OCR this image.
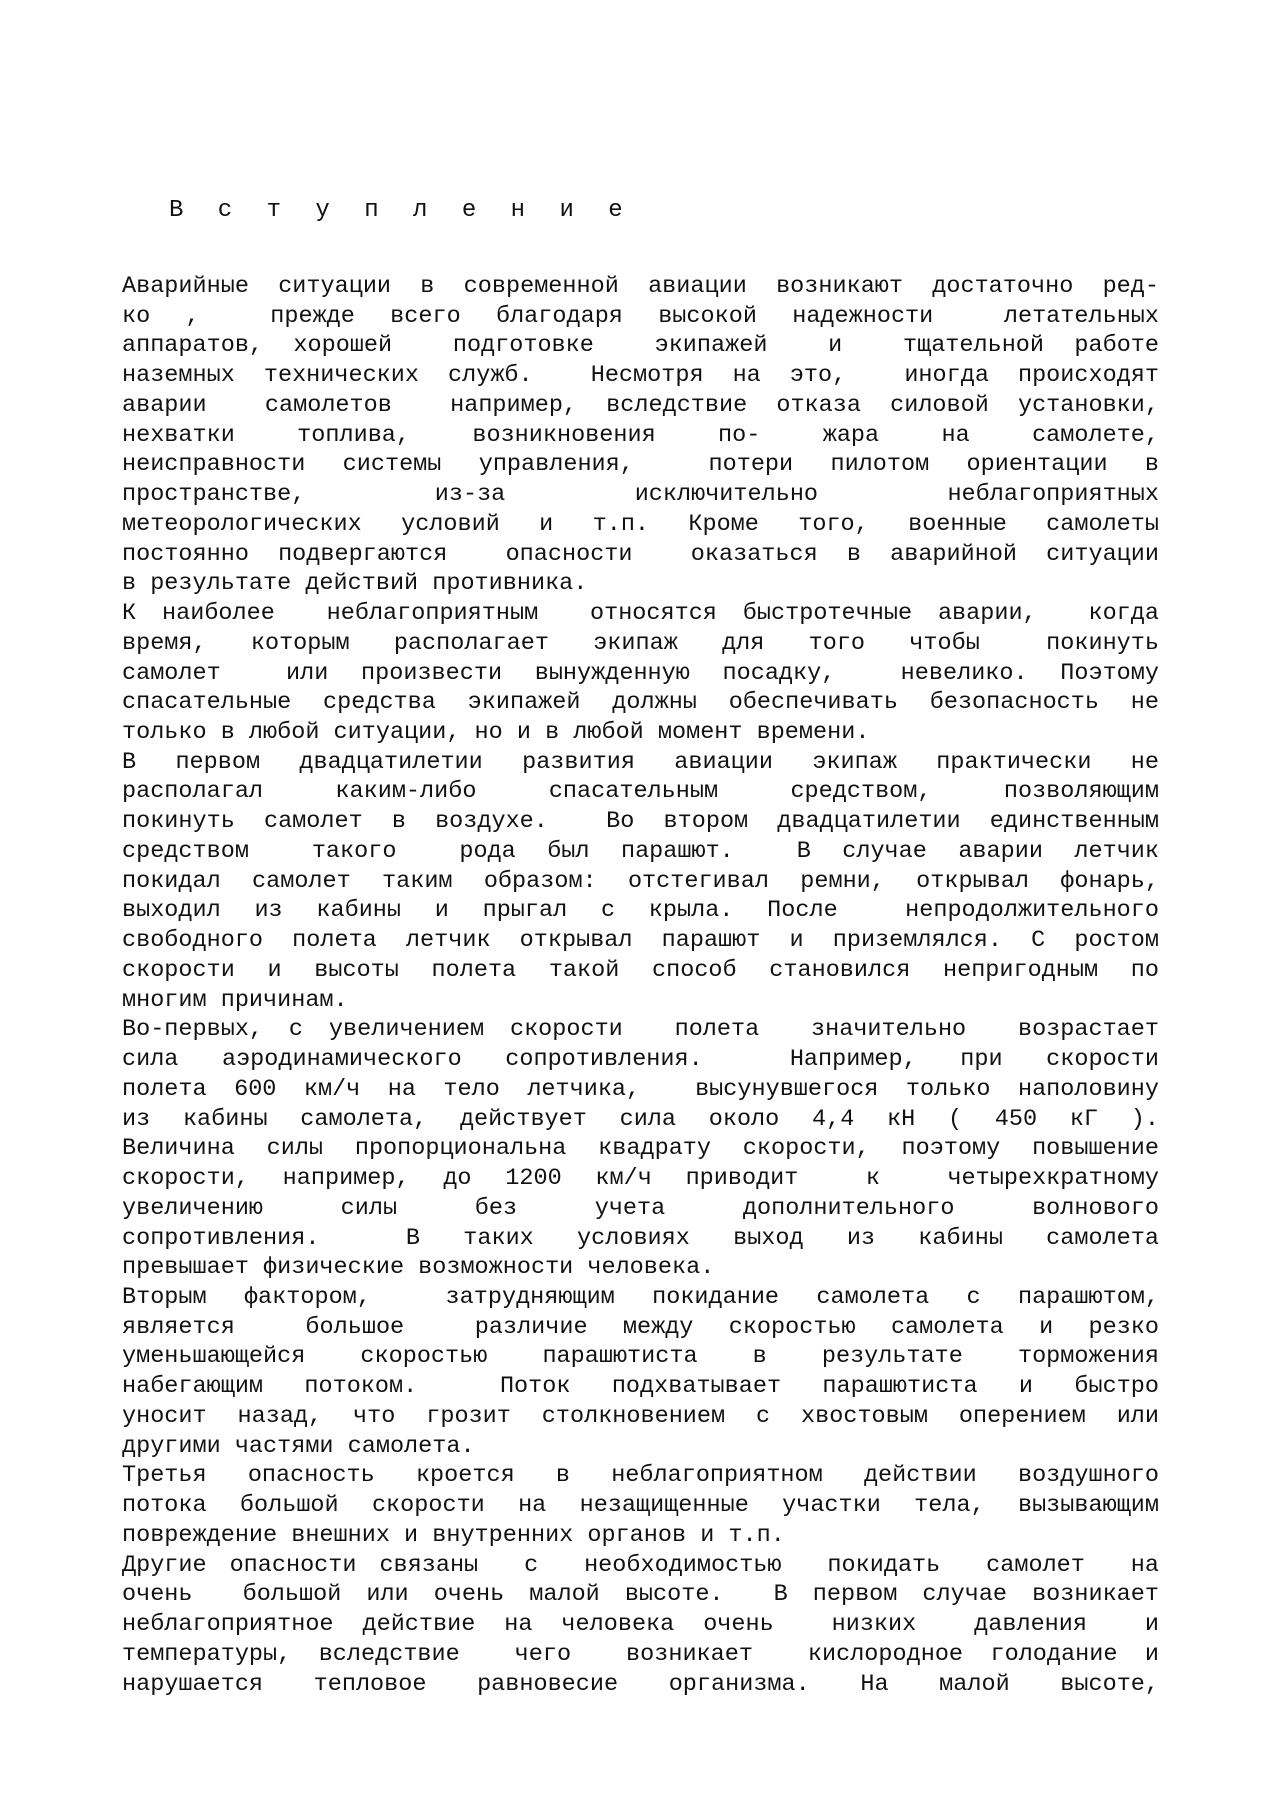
В с т у п л е н и е
Аварийные ситуации в современной авиации возникают достаточно ред-
ко ,  прежде всего благодаря высокой надежности  летательных
аппаратов, хорошей  подготовке  экипажей  и  тщательной работе
наземных технических служб.  Несмотря на это,  иногда происходят
аварии  самолетов  например, вследствие отказа силовой установки,
нехватки  топлива,  возникновения  по-  жара  на  самолете,
неисправности системы управления,  потери пилотом ориентации в
пространстве,  из-за  исключительно  неблагоприятных
метеорологических условий и т.п. Кроме того, военные самолеты
постоянно подвергаются  опасности  оказаться в аварийной ситуации
в результате действий противника.
К наиболее  неблагоприятным  относятся быстротечные аварии,  когда
время,  которым  располагает  экипаж  для  того  чтобы   покинуть
самолет  или произвести вынужденную посадку,  невелико. Поэтому
спасательные средства экипажей должны обеспечивать безопасность не
только в любой ситуации, но и в любой момент времени.
В первом двадцатилетии развития авиации экипаж практически не
располагал  каким-либо  спасательным  средством,  позволяющим
покинуть самолет в воздухе.  Во втором двадцатилетии единственным
средством  такого  рода был парашют.  В случае аварии летчик
покидал самолет таким образом: отстегивал ремни, открывал фонарь,
выходил из кабины и прыгал с крыла. После  непродолжительного
свободного полета летчик открывал парашют и приземлялся. С ростом
скорости и высоты полета такой способ становился непригодным по
многим причинам.
Во-первых, с увеличением скорости  полета  значительно  возрастает
сила аэродинамического сопротивления.  Например, при скорости
полета 600 км/ч на тело летчика,  высунувшегося только наполовину
из кабины самолета, действует сила около 4,4 кН ( 450 кГ ).
Величина силы пропорциональна квадрату скорости, поэтому повышение
скорости, например, до 1200 км/ч приводит  к  четырехкратному
увеличению  силы  без  учета  дополнительного  волнового
сопротивления.  В таких условиях выход из кабины самолета
превышает физические возможности человека.
Вторым фактором,  затрудняющим покидание самолета с парашютом,
является  большое  различие между скоростью самолета и резко
уменьшающейся  скоростью  парашютиста  в  результате  торможения
набегающим потоком.  Поток подхватывает парашютиста и быстро
уносит назад, что грозит столкновением с хвостовым оперением или
другими частями самолета.
Третья опасность кроется в неблагоприятном действии воздушного
потока большой скорости на незащищенные участки тела, вызывающим
повреждение внешних и внутренних органов и т.п.
Другие опасности связаны  с  необходимостью  покидать  самолет  на
очень  большой или очень малой высоте.  В первом случае возникает
неблагоприятное действие на человека очень  низких  давления  и
температуры, вследствие  чего  возникает  кислородное голодание и
нарушается  тепловое  равновесие  организма.  На  малой  высоте,
